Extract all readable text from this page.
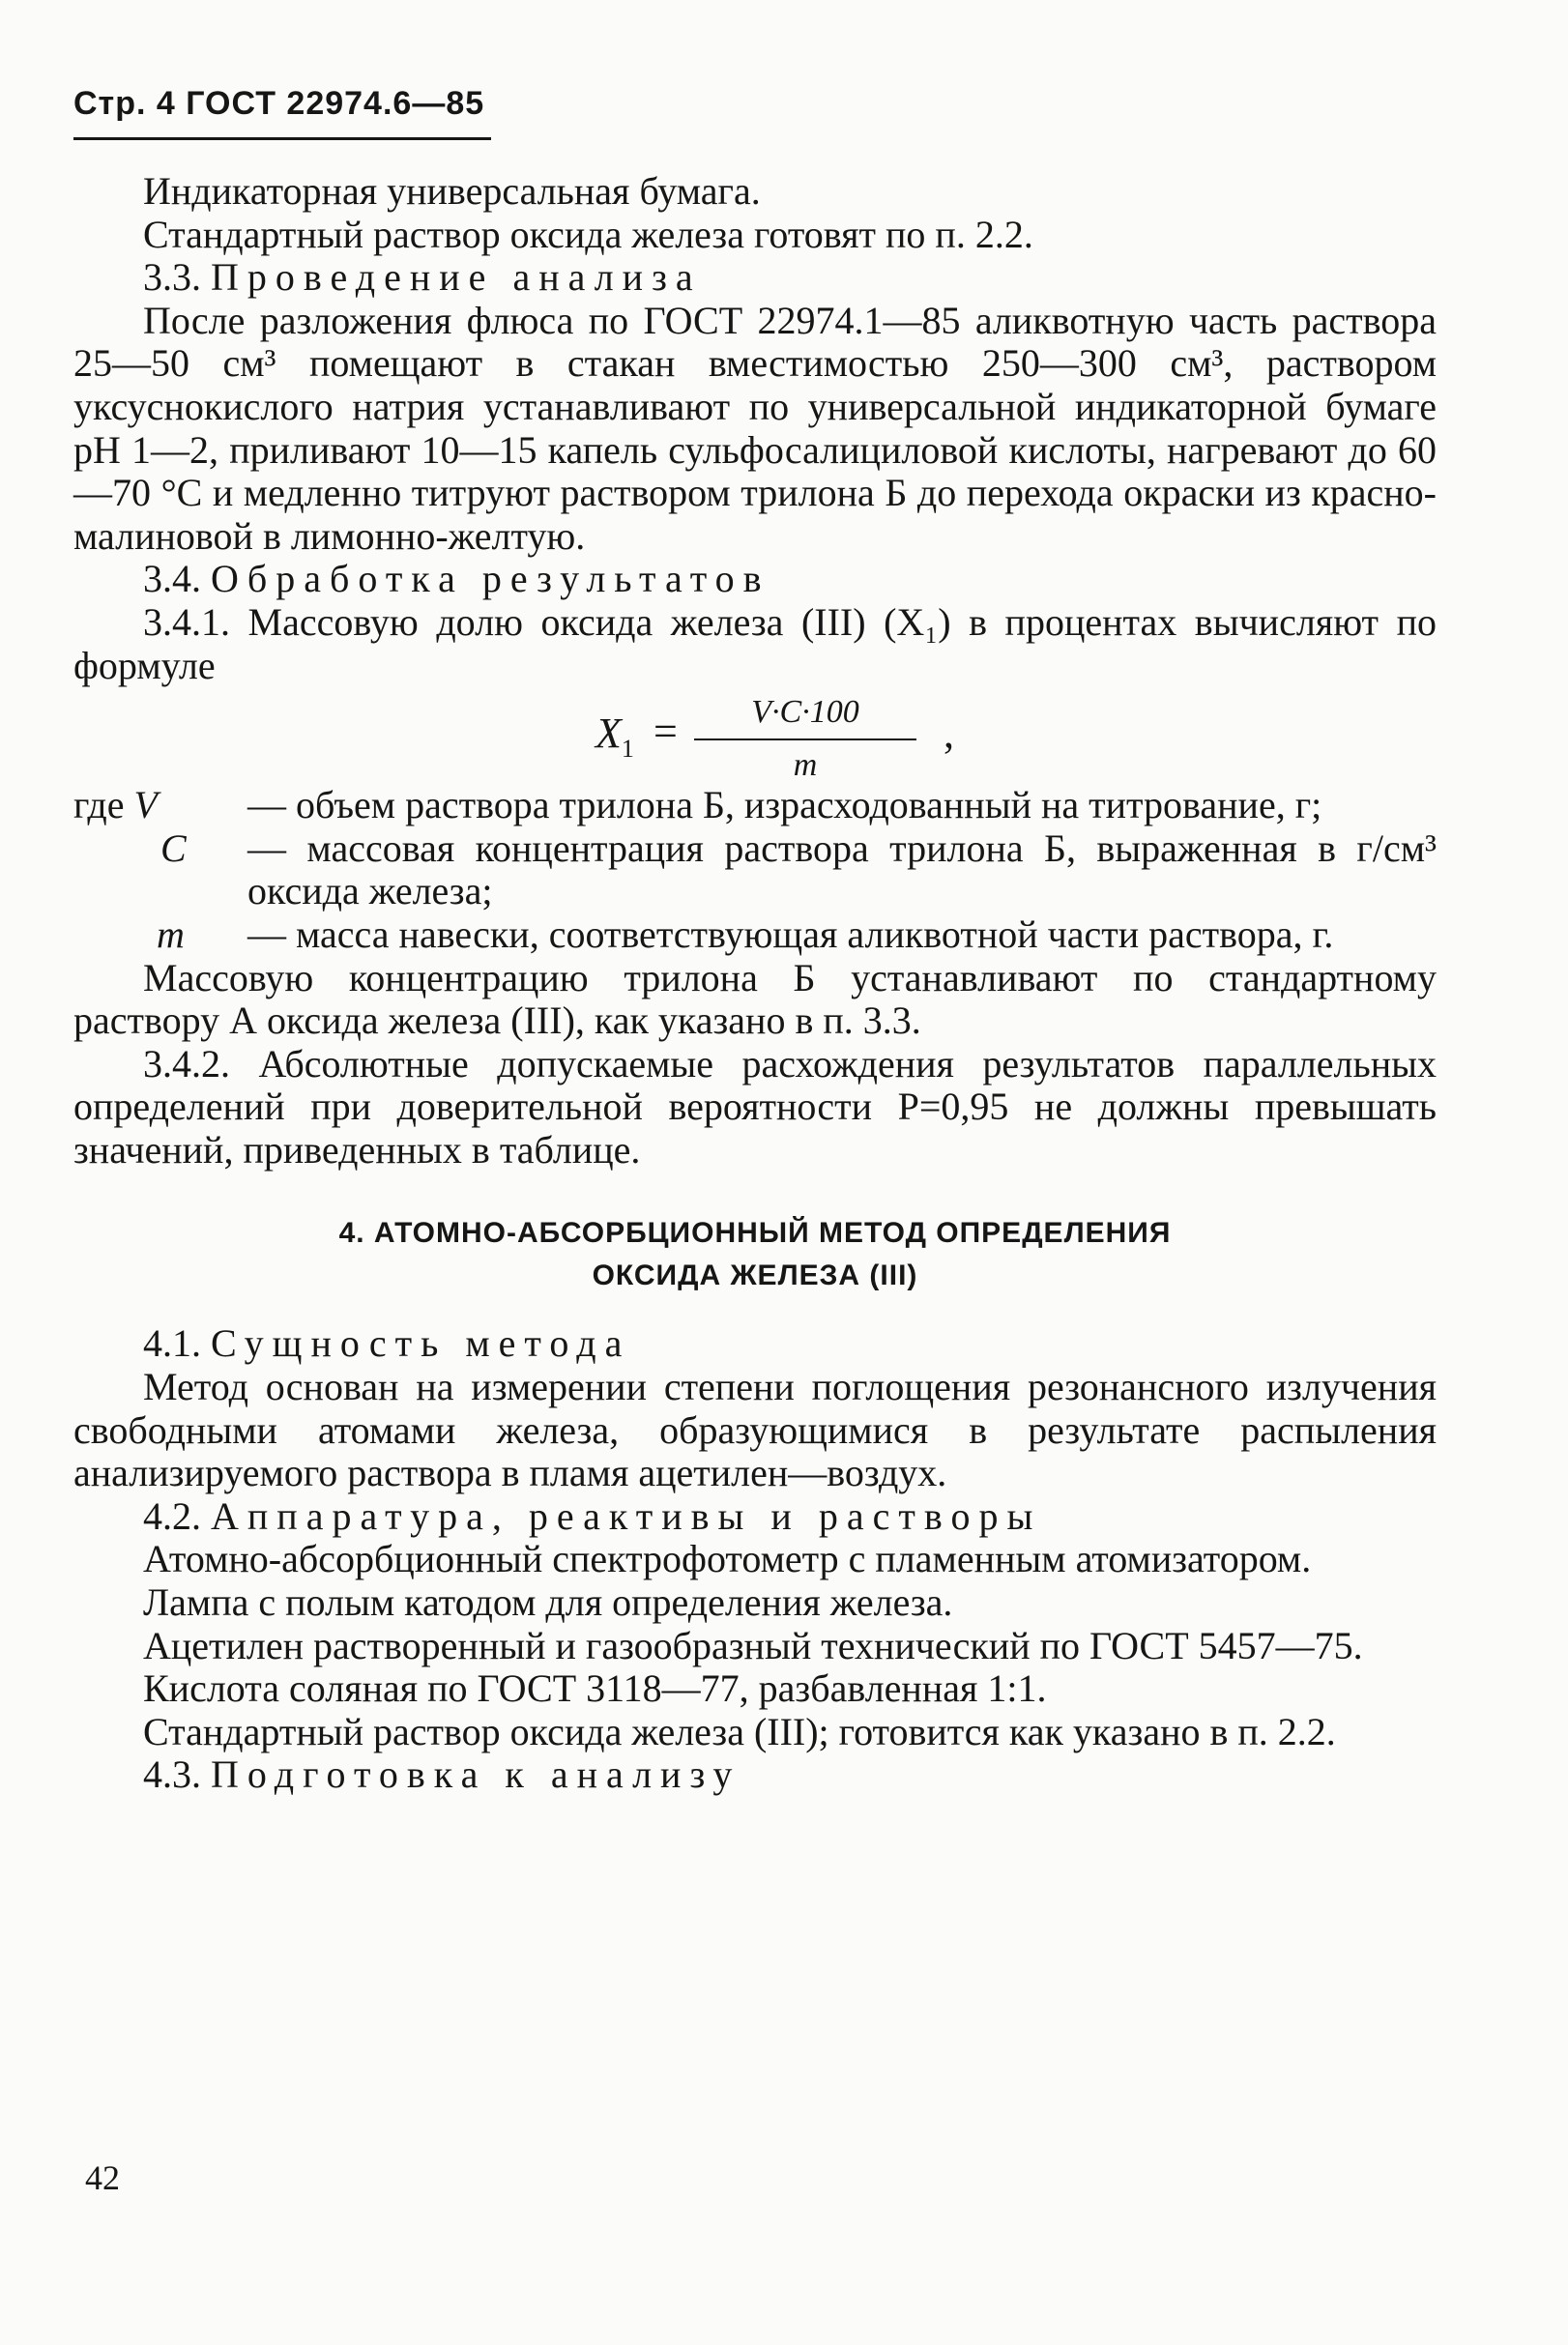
Стр. 4 ГОСТ 22974.6—85

Индикаторная универсальная бумага.

Стандартный раствор оксида железа готовят по п. 2.2.

3.3. Проведение анализа

После разложения флюса по ГОСТ 22974.1—85 аликвотную часть раствора 25—50 см³ помещают в стакан вместимостью 250—300 см³, раствором уксуснокислого натрия устанавливают по универсальной индикаторной бумаге pH 1—2, приливают 10—15 капель сульфосалициловой кислоты, нагревают до 60—70 °С и медленно титруют раствором трилона Б до перехода окраски из красно-малиновой в лимонно-желтую.

3.4. Обработка результатов

3.4.1. Массовую долю оксида железа (III) (X₁) в процентах вычисляют по формуле

$X_1$ =	V·C·100
m
,

где V	— объем раствора трилона Б, израсходованный на титрование, г;

C	— массовая концентрация раствора трилона Б, выраженная в г/см³ оксида железа;

m	— масса навески, соответствующая аликвотной части раствора, г.

Массовую концентрацию трилона Б устанавливают по стандартному раствору А оксида железа (III), как указано в п. 3.3.

3.4.2. Абсолютные допускаемые расхождения результатов параллельных определений при доверительной вероятности P=0,95 не должны превышать значений, приведенных в таблице.

4. АТОМНО-АБСОРБЦИОННЫЙ МЕТОД ОПРЕДЕЛЕНИЯ
ОКСИДА ЖЕЛЕЗА (III)

4.1. Сущность метода

Метод основан на измерении степени поглощения резонансного излучения свободными атомами железа, образующимися в результате распыления анализируемого раствора в пламя ацетилен—воздух.

4.2. Аппаратура, реактивы и растворы

Атомно-абсорбционный спектрофотометр с пламенным атомизатором.

Лампа с полым катодом для определения железа.

Ацетилен растворенный и газообразный технический по ГОСТ 5457—75.

Кислота соляная по ГОСТ 3118—77, разбавленная 1:1.

Стандартный раствор оксида железа (III); готовится как указано в п. 2.2.

4.3. Подготовка к анализу

42
